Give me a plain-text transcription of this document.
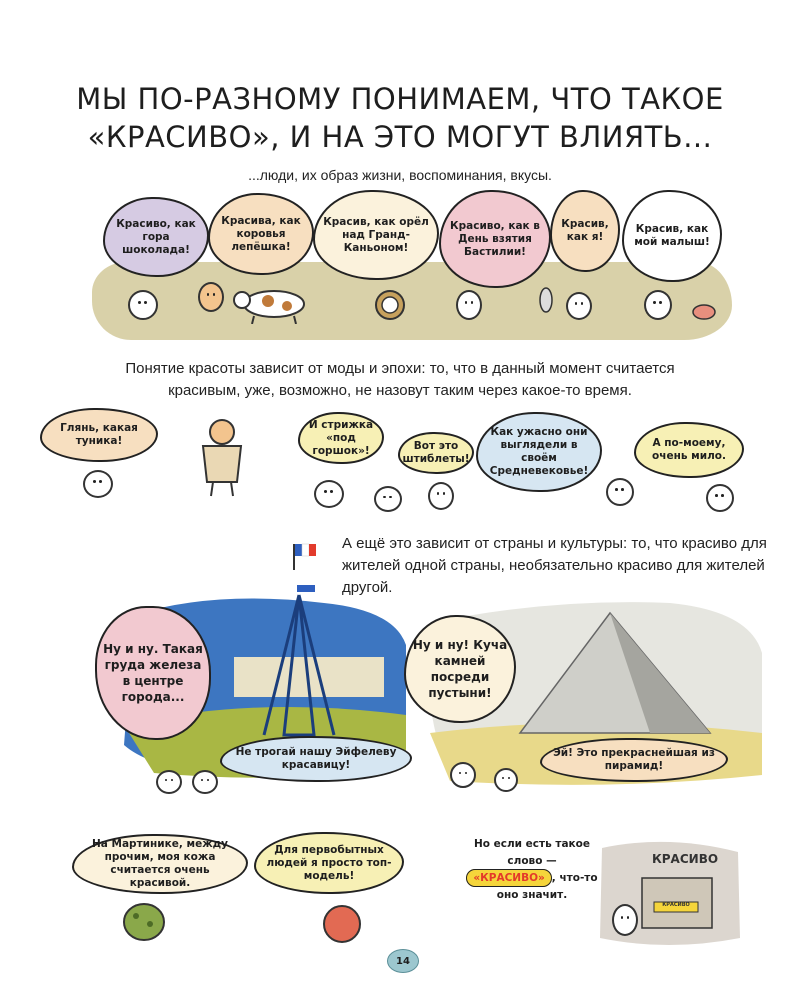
МЫ ПО-РАЗНОМУ ПОНИМАЕМ, ЧТО ТАКОЕ
«КРАСИВО», И НА ЭТО МОГУТ ВЛИЯТЬ...
...люди, их образ жизни, воспоминания, вкусы.
Красиво, как гора шоколада!
Красива, как коровья лепёшка!
Красив, как орёл над Гранд-Каньоном!
Красиво, как в День взятия Бастилии!
Красив, как я!
Красив, как мой малыш!
Понятие красоты зависит от моды и эпохи: то, что в данный момент считается красивым, уже, возможно, не назовут таким через какое-то время.
Глянь, какая туника!
И стрижка «под горшок»!	Вот это штиблеты!
Как ужасно они выглядели в своём Средневековье!
А по-моему, очень мило.
А ещё это зависит от страны и культуры: то, что красиво для жителей одной страны, необязательно красиво для жителей другой.
Ну и ну. Такая груда железа в центре города...
Не трогай нашу Эйфелеву красавицу!
Ну и ну! Куча камней посреди пустыни!
Эй! Это прекраснейшая из пирамид!
На Мартинике, между прочим, моя кожа считается очень красивой.
Для первобытных людей я просто топ-модель!
Но если есть такое слово —
«КРАСИВО» , что-то оно значит.
КРАСИВО
КРАСИВО
14
